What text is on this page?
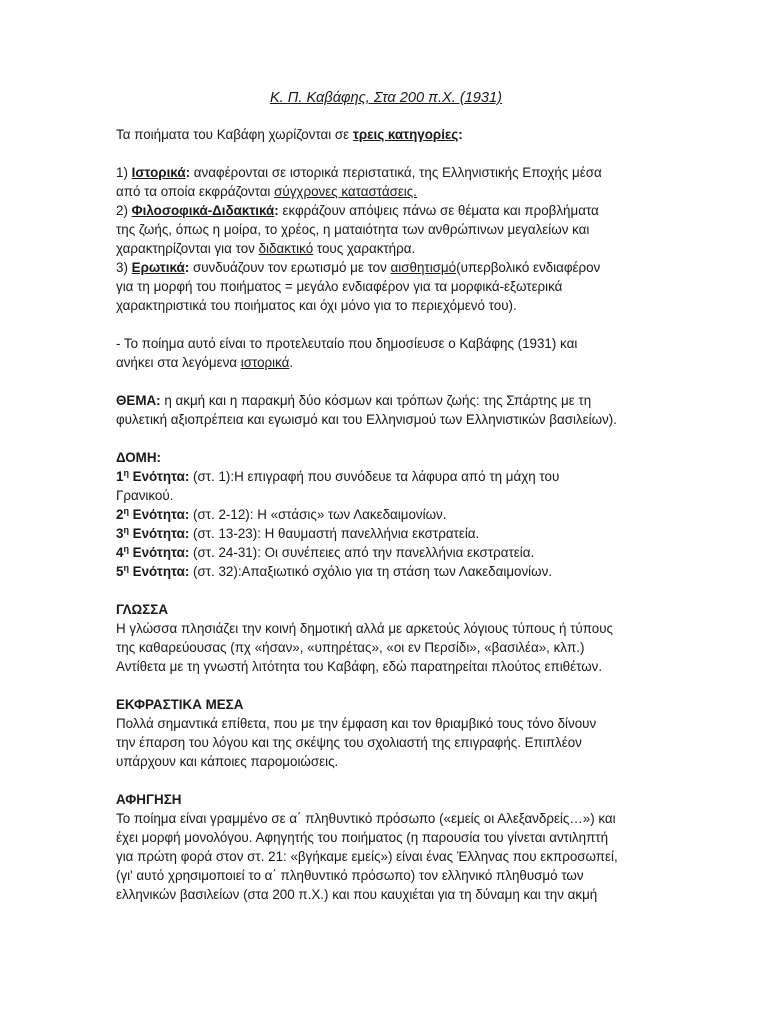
Κ. Π. Καβάφης, Στα 200 π.Χ. (1931)

Τα ποιήματα του Καβάφη χωρίζονται σε τρεις κατηγορίες:

1) Ιστορικά: αναφέρονται σε ιστορικά περιστατικά, της Ελληνιστικής Εποχής μέσα

από τα οποία εκφράζονται σύγχρονες καταστάσεις.

2) Φιλοσοφικά-Διδακτικά: εκφράζουν απόψεις πάνω σε θέματα και προβλήματα

της ζωής, όπως η μοίρα, το χρέος, η ματαιότητα των ανθρώπινων μεγαλείων και

χαρακτηρίζονται για τον διδακτικό τους χαρακτήρα.

3) Ερωτικά: συνδυάζουν τον ερωτισμό με τον αισθητισμό(υπερβολικό ενδιαφέρον

για τη μορφή του ποιήματος = μεγάλο ενδιαφέρον για τα μορφικά-εξωτερικά

χαρακτηριστικά του ποιήματος και όχι μόνο για το περιεχόμενό του).

- Το ποίημα αυτό είναι το προτελευταίο που δημοσίευσε ο Καβάφης (1931) και

ανήκει στα λεγόμενα ιστορικά.

ΘΕΜΑ: η ακμή και η παρακμή δύο κόσμων και τρόπων ζωής: της Σπάρτης με τη

φυλετική αξιοπρέπεια και εγωισμό και του Ελληνισμού των Ελληνιστικών βασιλείων).

ΔΟΜΗ:

$1^\eta$ Ενότητα: (στ. 1):Η επιγραφή που συνόδευε τα λάφυρα από τη μάχη του

Γρανικού.

$2^\eta$ Ενότητα: (στ. 2-12): Η «στάσις» των Λακεδαιμονίων.

$3^\eta$ Ενότητα: (στ. 13-23): Η θαυμαστή πανελλήνια εκστρατεία.

$4^\eta$ Ενότητα: (στ. 24-31): Οι συνέπειες από την πανελλήνια εκστρατεία.

$5^\eta$ Ενότητα: (στ. 32):Απαξιωτικό σχόλιο για τη στάση των Λακεδαιμονίων.

ΓΛΩΣΣΑ

Η γλώσσα πλησιάζει την κοινή δημοτική αλλά με αρκετούς λόγιους τύπους ή τύπους

της καθαρεύουσας (πχ «ήσαν», «υπηρέτας», «οι εν Περσίδι», «βασιλέα», κλπ.)

Αντίθετα με τη γνωστή λιτότητα του Καβάφη, εδώ παρατηρείται πλούτος επιθέτων.

ΕΚΦΡΑΣΤΙΚΑ ΜΕΣΑ

Πολλά σημαντικά επίθετα, που με την έμφαση και τον θριαμβικό τους τόνο δίνουν

την έπαρση του λόγου και της σκέψης του σχολιαστή της επιγραφής. Επιπλέον

υπάρχουν και κάποιες παρομοιώσεις.

ΑΦΗΓΗΣΗ

Το ποίημα είναι γραμμένο σε α΄ πληθυντικό πρόσωπο («εμείς οι Αλεξανδρείς…») και

έχει μορφή μονολόγου. Αφηγητής του ποιήματος (η παρουσία του γίνεται αντιληπτή

για πρώτη φορά στον στ. 21: «βγήκαμε εμείς») είναι ένας Έλληνας που εκπροσωπεί,

(γι' αυτό χρησιμοποιεί το α΄ πληθυντικό πρόσωπο) τον ελληνικό πληθυσμό των

ελληνικών βασιλείων (στα 200 π.Χ.) και που καυχιέται για τη δύναμη και την ακμή
